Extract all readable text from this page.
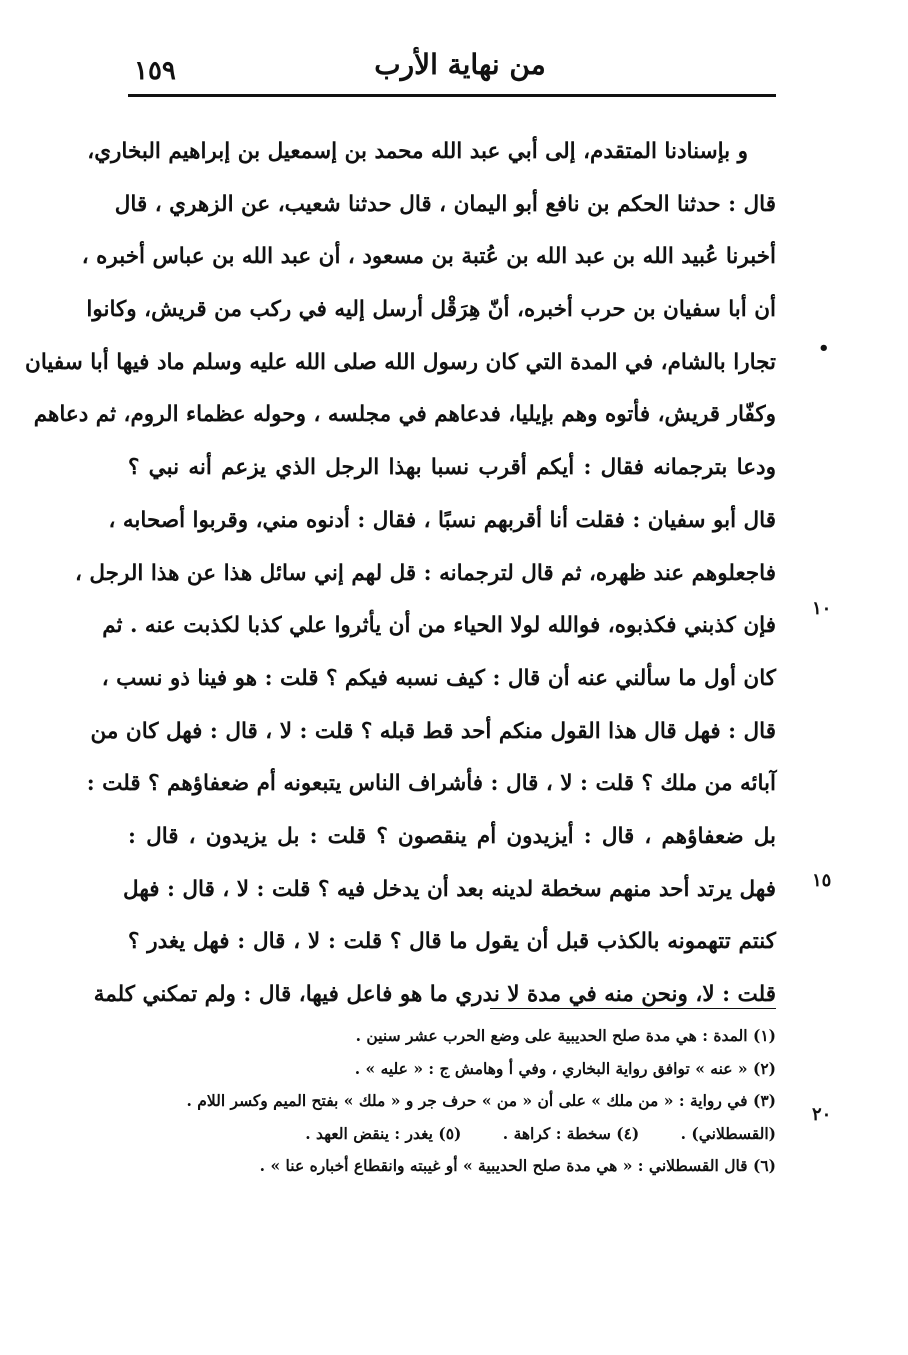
من نهاية الأرب
١٥٩
و بإسنادنا المتقدم، إلى أبي عبد الله محمد بن إسمعيل بن إبراهيم البخاري،
قال : حدثنا الحكم بن نافع أبو اليمان ، قال حدثنا شعيب، عن الزهري ، قال
أخبرنا عُبيد الله بن عبد الله بن عُتبة بن مسعود ، أن عبد الله بن عباس أخبره ،
أن أبا سفيان بن حرب أخبره، أنّ هِرَقْل أرسل إليه في ركب من قريش، وكانوا
تجارا بالشام، في المدة التي كان رسول الله صلى الله عليه وسلم ماد فيها أبا سفيان
وكفّار قريش، فأتوه وهم بإيليا، فدعاهم في مجلسه ، وحوله عظماء الروم، ثم دعاهم
ودعا بترجمانه فقال : أيكم أقرب نسبا بهذا الرجل الذي يزعم أنه نبي ؟
قال أبو سفيان : فقلت أنا أقربهم نسبًا ، فقال : أدنوه مني، وقربوا أصحابه ،
فاجعلوهم عند ظهره، ثم قال لترجمانه : قل لهم إني سائل هذا عن هذا الرجل ،
فإن كذبني فكذبوه، فوالله لولا الحياء من أن يأثروا علي كذبا لكذبت عنه . ثم
كان أول ما سألني عنه أن قال : كيف نسبه فيكم ؟ قلت : هو فينا ذو نسب ،
قال : فهل قال هذا القول منكم أحد قط قبله ؟ قلت : لا ، قال : فهل كان من
آبائه من ملك ؟ قلت : لا ، قال : فأشراف الناس يتبعونه أم ضعفاؤهم ؟ قلت :
بل ضعفاؤهم ، قال : أيزيدون أم ينقصون ؟ قلت : بل يزيدون ، قال :
فهل يرتد أحد منهم سخطة لدينه بعد أن يدخل فيه ؟ قلت : لا ، قال : فهل
كنتم تتهمونه بالكذب قبل أن يقول ما قال ؟ قلت : لا ، قال : فهل يغدر ؟
قلت : لا، ونحن منه في مدة لا ندري ما هو فاعل فيها، قال : ولم تمكني كلمة
•
١٠
١٥
٢٠
(١) المدة : هي مدة صلح الحديبية على وضع الحرب عشر سنين .
(٢) « عنه » توافق رواية البخاري ، وفي أ وهامش ج : « عليه » .
(٣) في رواية : « من ملك » على أن « من » حرف جر و « ملك » بفتح الميم وكسر اللام .
(القسطلاني) . (٤) سخطة : كراهة . (٥) يغدر : ينقض العهد .
(٦) قال القسطلاني : « هي مدة صلح الحديبية » أو غيبته وانقطاع أخباره عنا » .
